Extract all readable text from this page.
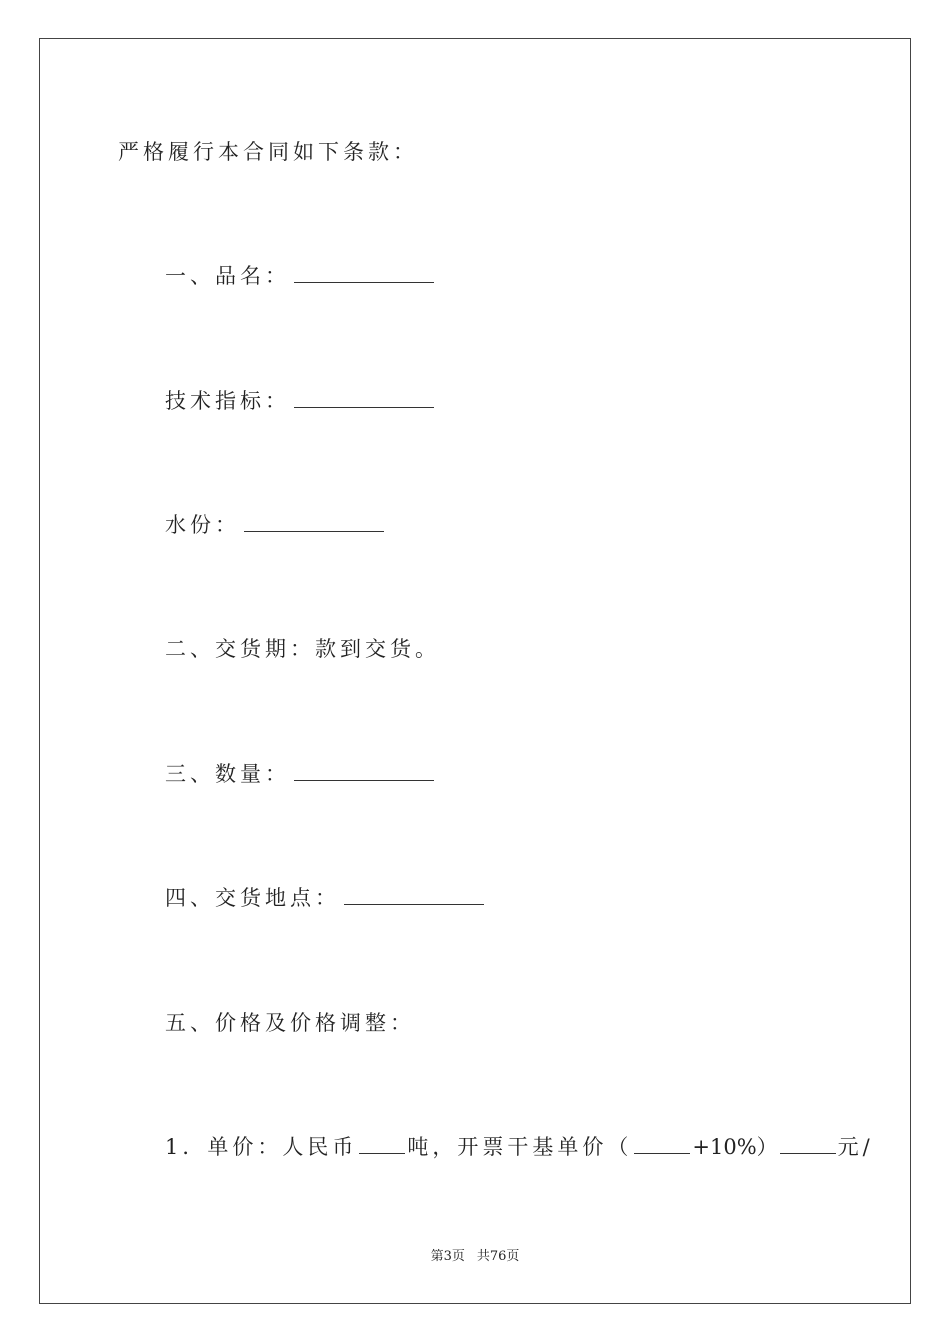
严格履行本合同如下条款：
一、品名：
技术指标：
水份：
二、交货期：款到交货。
三、数量：
四、交货地点：
五、价格及价格调整：
1．单价：人民币 吨，开票干基单价（	+10%）	元/
第3页 共76页
